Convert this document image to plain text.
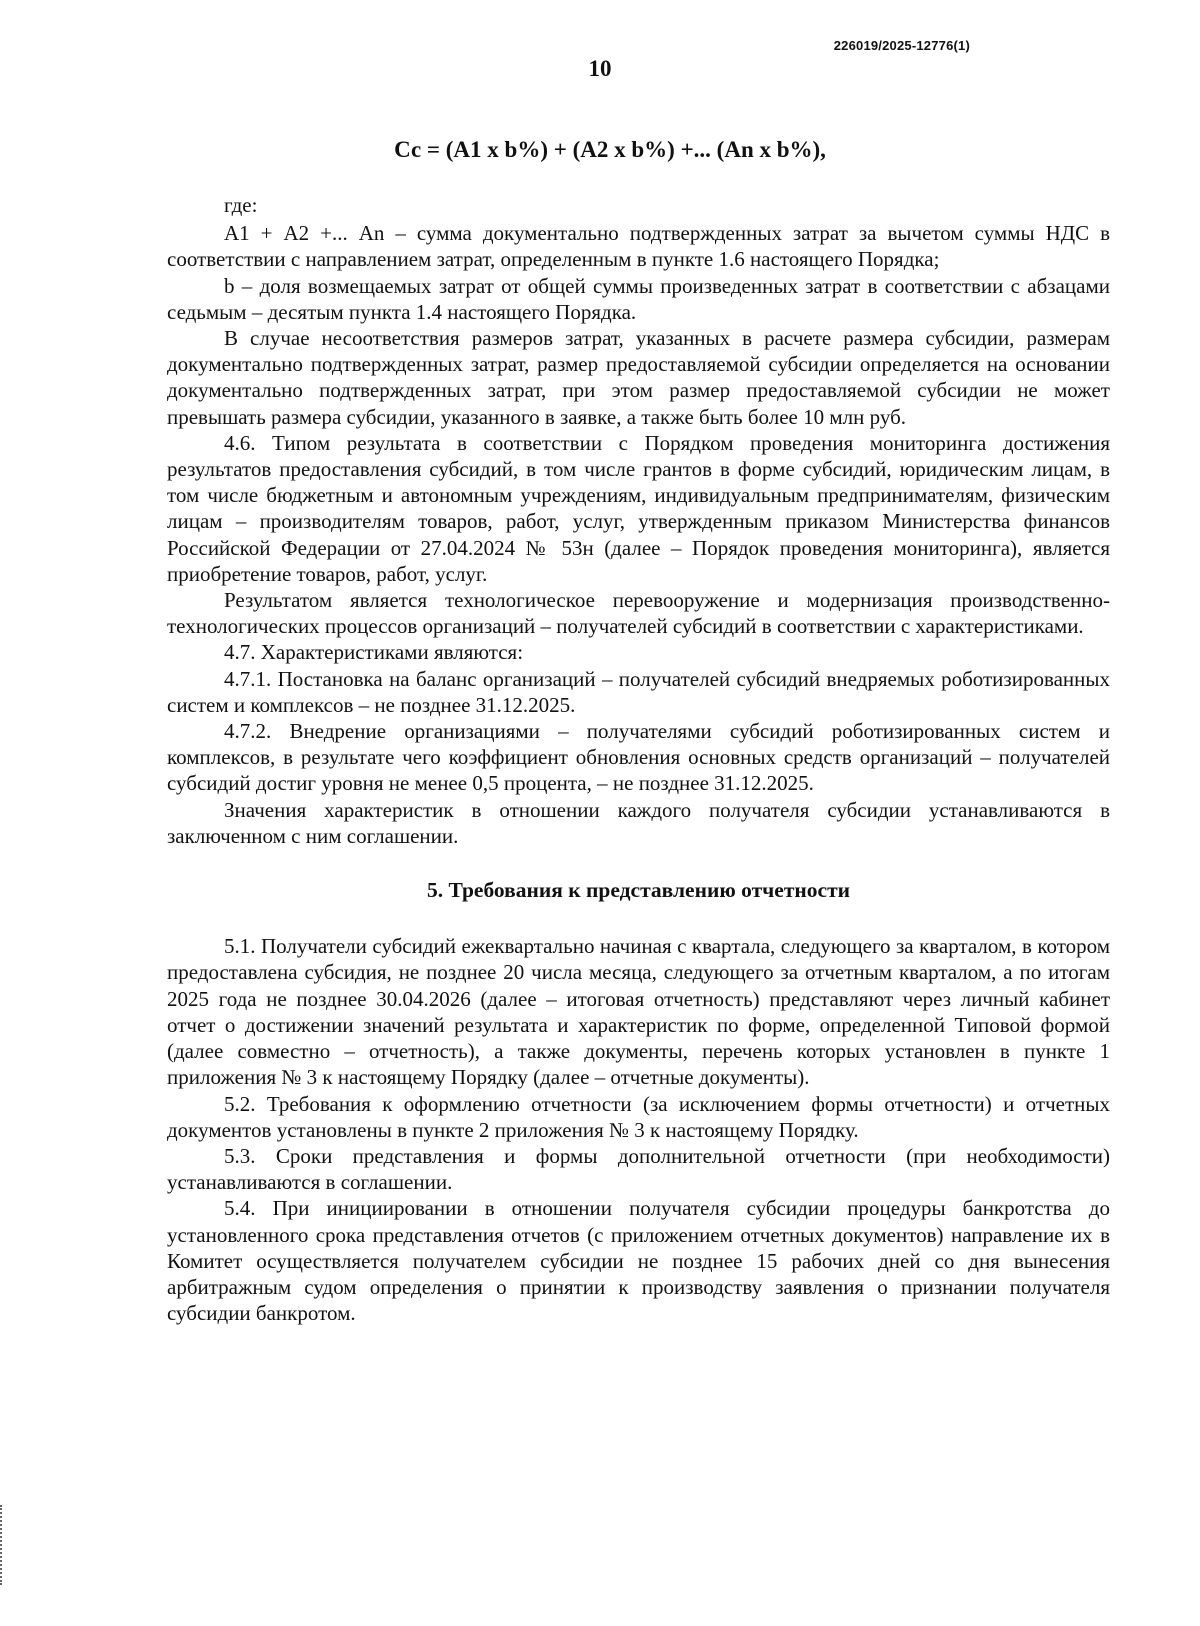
226019/2025-12776(1)
10
Сс = (А1 х b%) + (А2 х b%) +... (Аn х b%),

где:

А1 + А2 +... Аn – сумма документально подтвержденных затрат за вычетом суммы НДС в соответствии с направлением затрат, определенным в пункте 1.6 настоящего Порядка;

b – доля возмещаемых затрат от общей суммы произведенных затрат в соответствии с абзацами седьмым – десятым пункта 1.4 настоящего Порядка.

В случае несоответствия размеров затрат, указанных в расчете размера субсидии, размерам документально подтвержденных затрат, размер предоставляемой субсидии определяется на основании документально подтвержденных затрат, при этом размер предоставляемой субсидии не может превышать размера субсидии, указанного в заявке, а также быть более 10 млн руб.

4.6. Типом результата в соответствии с Порядком проведения мониторинга достижения результатов предоставления субсидий, в том числе грантов в форме субсидий, юридическим лицам, в том числе бюджетным и автономным учреждениям, индивидуальным предпринимателям, физическим лицам – производителям товаров, работ, услуг, утвержденным приказом Министерства финансов Российской Федерации от 27.04.2024 № 53н (далее – Порядок проведения мониторинга), является приобретение товаров, работ, услуг.

Результатом является технологическое перевооружение и модернизация производственно-технологических процессов организаций – получателей субсидий в соответствии с характеристиками.

4.7. Характеристиками являются:

4.7.1. Постановка на баланс организаций – получателей субсидий внедряемых роботизированных систем и комплексов – не позднее 31.12.2025.

4.7.2. Внедрение организациями – получателями субсидий роботизированных систем и комплексов, в результате чего коэффициент обновления основных средств организаций – получателей субсидий достиг уровня не менее 0,5 процента, – не позднее 31.12.2025.

Значения характеристик в отношении каждого получателя субсидии устанавливаются в заключенном с ним соглашении.

5. Требования к представлению отчетности

5.1. Получатели субсидий ежеквартально начиная с квартала, следующего за кварталом, в котором предоставлена субсидия, не позднее 20 числа месяца, следующего за отчетным кварталом, а по итогам 2025 года не позднее 30.04.2026 (далее – итоговая отчетность) представляют через личный кабинет отчет о достижении значений результата и характеристик по форме, определенной Типовой формой (далее совместно – отчетность), а также документы, перечень которых установлен в пункте 1 приложения № 3 к настоящему Порядку (далее – отчетные документы).

5.2. Требования к оформлению отчетности (за исключением формы отчетности) и отчетных документов установлены в пункте 2 приложения № 3 к настоящему Порядку.

5.3. Сроки представления и формы дополнительной отчетности (при необходимости) устанавливаются в соглашении.

5.4. При инициировании в отношении получателя субсидии процедуры банкротства до установленного срока представления отчетов (с приложением отчетных документов) направление их в Комитет осуществляется получателем субсидии не позднее 15 рабочих дней со дня вынесения арбитражным судом определения о принятии к производству заявления о признании получателя субсидии банкротом.
